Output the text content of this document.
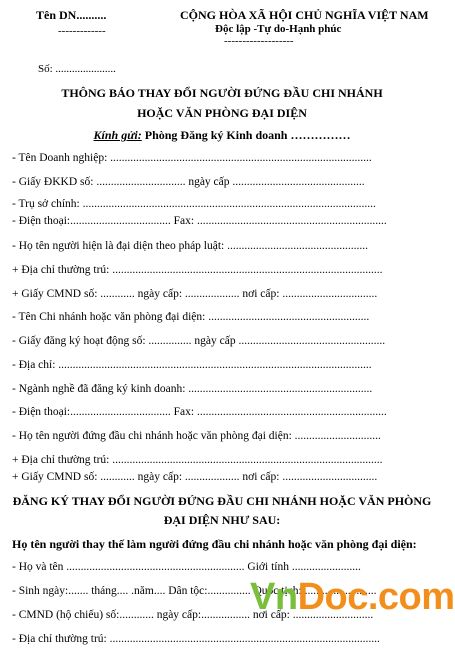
Tên DN..........
-------------
CỘNG HÒA XÃ HỘI CHỦ NGHĨA VIỆT NAM
Độc lập -Tự do-Hạnh phúc
-------------------
Số: ......................
THÔNG BÁO THAY ĐỔI NGƯỜI ĐỨNG ĐẦU CHI NHÁNH
HOẶC VĂN PHÒNG ĐẠI DIỆN
Kính gửi: Phòng Đăng ký Kinh doanh ……………
- Tên Doanh nghiệp: ...........................................................................................
- Giấy ĐKKD số: ............................... ngày cấp ..............................................
- Trụ sở chính: ......................................................................................................
- Điện thoại:................................... Fax: ..................................................................
- Họ tên người hiện là đại diện theo pháp luật: .................................................
+ Địa chỉ thường trú: ..............................................................................................
+ Giấy CMND số: ............ ngày cấp: ................... nơi cấp: .................................
- Tên Chi nhánh hoặc văn phòng đại diện: ........................................................
- Giấy đăng ký hoạt động số: ............... ngày cấp ...................................................
- Địa chỉ: .............................................................................................................
- Ngành nghề đã đăng ký kinh doanh: ................................................................
- Điện thoại:................................... Fax: ..................................................................
- Họ tên người đứng đầu chi nhánh hoặc văn phòng đại diện: ..............................
+ Địa chỉ thường trú: ..............................................................................................
+ Giấy CMND số: ............ ngày cấp: ................... nơi cấp: .................................
ĐĂNG KÝ THAY ĐỔI NGƯỜI ĐỨNG ĐẦU CHI NHÁNH HOẶC VĂN PHÒNG
ĐẠI DIỆN NHƯ SAU:
Họ tên người thay thế làm người đứng đầu chi nhánh hoặc văn phòng đại diện:
- Họ và tên .............................................................. Giới tính ........................
- Sinh ngày:....... tháng.... .năm.... Dân tộc:............... Quốc tịch: .........................
- CMND (hộ chiếu) số:............ ngày cấp:................. nơi cấp: ............................
- Địa chỉ thường trú: ..............................................................................................
VnDoc.com
